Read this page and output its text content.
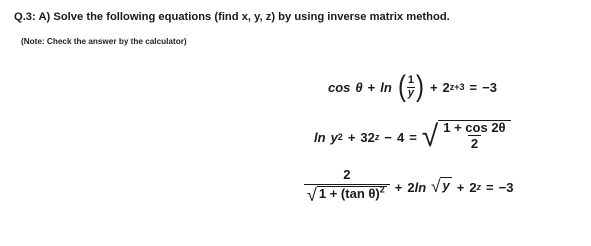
Q.3: A) Solve the following equations (find x, y, z) by using inverse matrix method.
(Note: Check the answer by the calculator)
cos θ + ln ( $\frac{1}{y}$ ) + 2 z+3 = −3
ln y 2 + 32 z − 4 = √ $\frac{1 + \cos 2\theta}{2}$
$\frac{2}{√ 1 + (\tan \theta)^2} + 2$ ln √ y + 2 z = −3
